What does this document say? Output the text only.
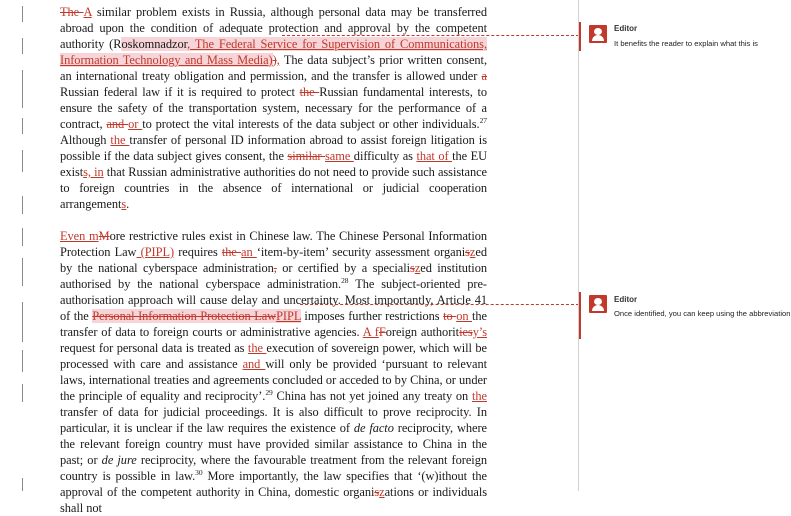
The A similar problem exists in Russia, although personal data may be transferred abroad upon the condition of adequate protection and approval by the competent authority (Roskomnadzor, The Federal Service for Supervision of Communications, Information Technology and Mass Media)), The data subject’s prior written consent, an international treaty obligation and permission, and the transfer is allowed under a Russian federal law if it is required to protect the Russian fundamental interests, to ensure the safety of the transportation system, necessary for the performance of a contract, and or to protect the vital interests of the data subject or other individuals.$^{27}$ Although the transfer of personal ID information abroad to assist foreign litigation is possible if the data subject gives consent, the similar same difficulty as that of the EU exists, in that Russian administrative authorities do not need to provide such assistance to foreign countries in the absence of international or judicial cooperation arrangements.
Even mMore restrictive rules exist in Chinese law. The Chinese Personal Information Protection Law (PIPL) requires the an ‘item-by-item’ security assessment organiszed by the national cyberspace administration, or certified by a specialiszed institution authorised by the national cyberspace administration.$^{28}$ The subject-oriented pre-authorisation approach will cause delay and uncertainty. Most importantly, Article 41 of the Personal Information Protection LawPIPL imposes further restrictions to on the transfer of data to foreign courts or administrative agencies. A fForeign authoritiesy’s request for personal data is treated as the execution of sovereign power, which will be processed with care and assistance and will only be provided ‘pursuant to relevant laws, international treaties and agreements concluded or acceded to by China, or under the principle of equality and reciprocity’.$^{29}$ China has not yet joined any treaty on the transfer of data for judicial proceedings. It is also difficult to prove reciprocity. In particular, it is unclear if the law requires the existence of de facto reciprocity, where the relevant foreign country must have provided similar assistance to China in the past; or de jure reciprocity, where the favourable treatment from the relevant foreign country is possible in law.$^{30}$ More importantly, the law specifies that ‘(w)ithout the approval of the competent authority in China, domestic organiszations or individuals shall not
Editor
It benefits the reader to explain what this is
Editor
Once identified, you can keep using the abbreviation
